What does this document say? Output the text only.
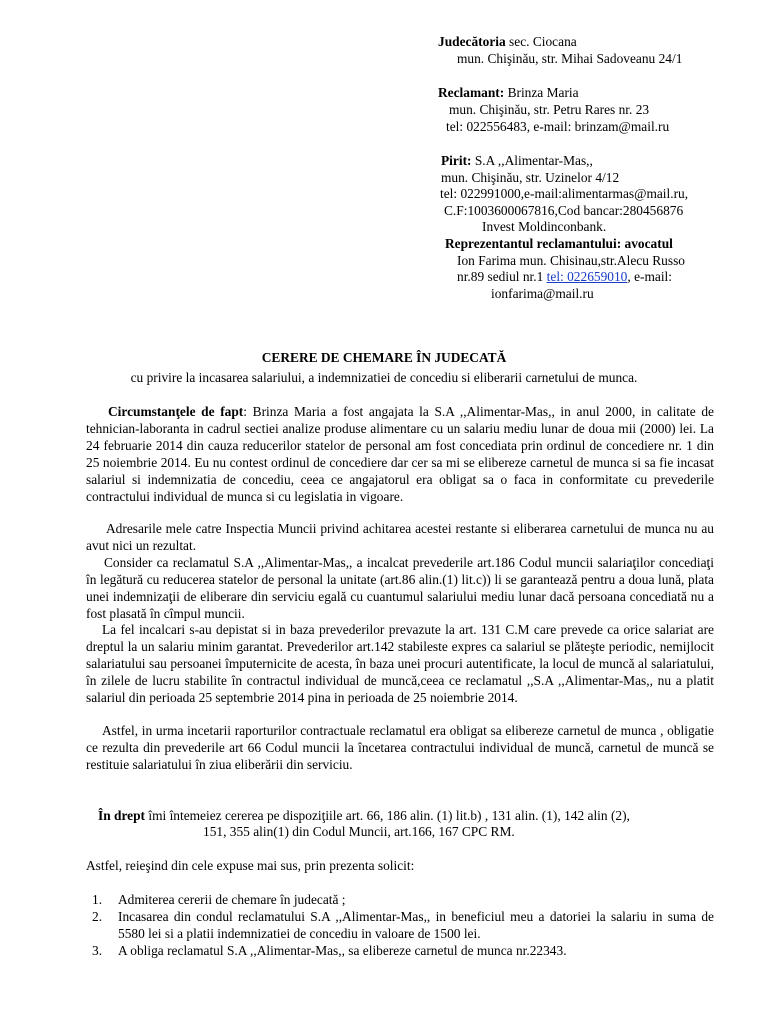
Judecătoria sec. Ciocana
mun. Chişinău, str. Mihai Sadoveanu 24/1
Reclamant: Brinza Maria
mun. Chişinău, str. Petru Rares nr. 23
tel: 022556483, e-mail: brinzam@mail.ru
Pirit: S.A ,,Alimentar-Mas,,
mun. Chişinău, str. Uzinelor 4/12
tel: 022991000,e-mail:alimentarmas@mail.ru,
C.F:1003600067816,Cod bancar:280456876
Invest Moldinconbank.
Reprezentantul reclamantului: avocatul
Ion Farima mun. Chisinau,str.Alecu Russo
nr.89 sediul nr.1 tel: 022659010, e-mail:
ionfarima@mail.ru
CERERE DE CHEMARE ÎN JUDECATĂ
cu privire la incasarea salariului, a indemnizatiei de concediu si eliberarii carnetului de munca.
Circumstanţele de fapt: Brinza Maria a fost angajata la S.A ,,Alimentar-Mas,, in anul 2000, in calitate de tehnician-laboranta in cadrul sectiei analize produse alimentare cu un salariu mediu lunar de doua mii (2000) lei. La 24 februarie 2014 din cauza reducerilor statelor de personal am fost concediata prin ordinul de concediere nr. 1 din 25 noiembrie 2014. Eu nu contest ordinul de concediere dar cer sa mi se elibereze carnetul de munca si sa fie incasat salariul si indemnizatia de concediu, ceea ce angajatorul era obligat sa o faca in conformitate cu prevederile contractului individual de munca si cu legislatia in vigoare.
Adresarile mele catre Inspectia Muncii privind achitarea acestei restante si eliberarea carnetului de munca nu au avut nici un rezultat.
Consider ca reclamatul S.A ,,Alimentar-Mas,, a incalcat prevederile art.186 Codul muncii salariaţilor concediaţi în legătură cu reducerea statelor de personal la unitate (art.86 alin.(1) lit.c)) li se garantează pentru a doua lună, plata unei indemnizaţii de eliberare din serviciu egală cu cuantumul salariului mediu lunar dacă persoana concediată nu a fost plasată în cîmpul muncii.
La fel incalcari s-au depistat si in baza prevederilor prevazute la art. 131 C.M care prevede ca orice salariat are dreptul la un salariu minim garantat. Prevederilor art.142 stabileste expres ca salariul se plăteşte periodic, nemijlocit salariatului sau persoanei împuternicite de acesta, în baza unei procuri autentificate, la locul de muncă al salariatului, în zilele de lucru stabilite în contractul individual de muncă,ceea ce reclamatul ,,S.A ,,Alimentar-Mas,, nu a platit salariul din perioada 25 septembrie 2014 pina in perioada de 25 noiembrie 2014.
Astfel, in urma incetarii raporturilor contractuale reclamatul era obligat sa elibereze carnetul de munca , obligatie ce rezulta din prevederile art 66 Codul muncii la încetarea contractului individual de muncă, carnetul de muncă se restituie salariatului în ziua eliberării din serviciu.
În drept îmi întemeiez cererea pe dispoziţiile art. 66, 186 alin. (1) lit.b) , 131 alin. (1), 142 alin (2),
151, 355 alin(1) din Codul Muncii, art.166, 167 CPC RM.
Astfel, reieşind din cele expuse mai sus, prin prezenta solicit:
1. Admiterea cererii de chemare în judecată ;
2. Incasarea din condul reclamatului S.A ,,Alimentar-Mas,, in beneficiul meu a datoriei la salariu in suma de 5580 lei si a platii indemnizatiei de concediu in valoare de 1500 lei.
3. A obliga reclamatul S.A ,,Alimentar-Mas,, sa elibereze carnetul de munca nr.22343.
